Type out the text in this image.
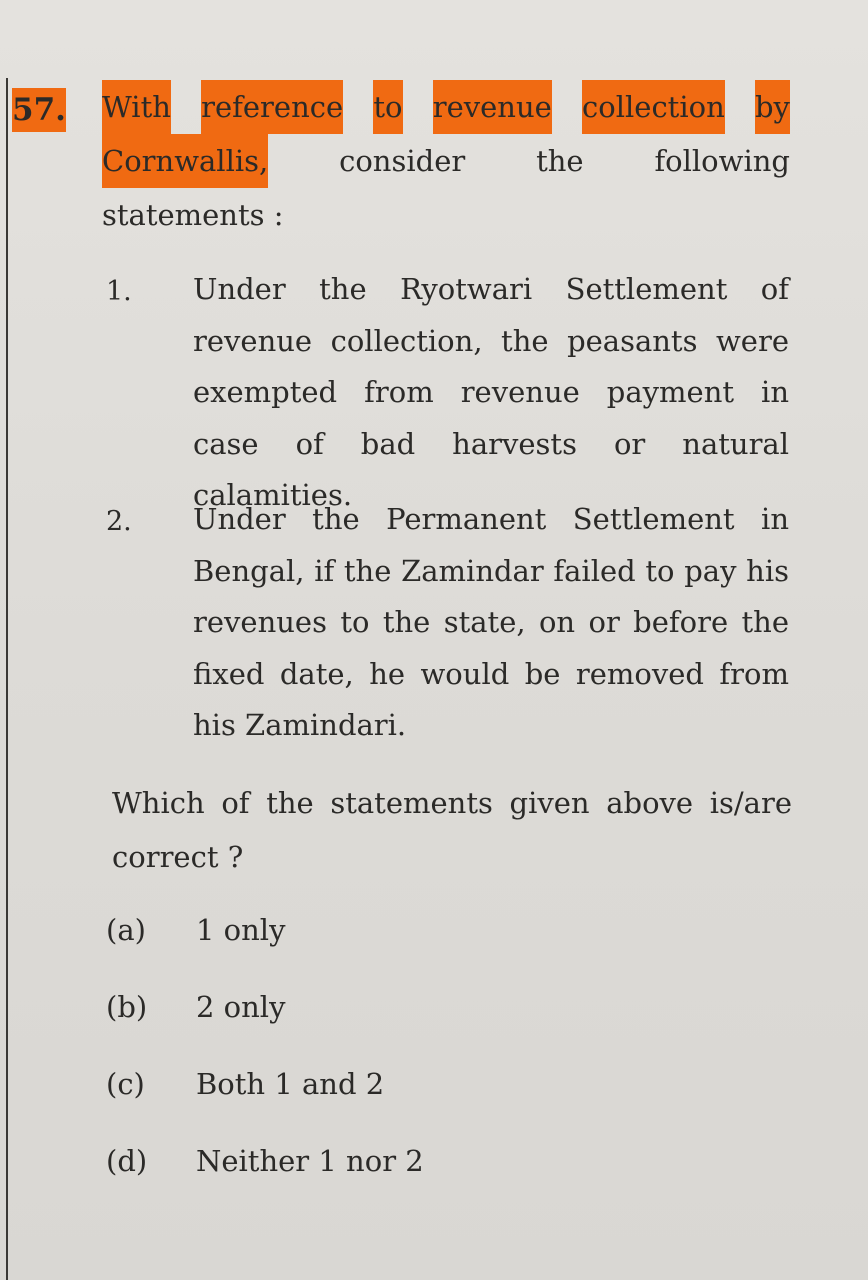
57. With reference to revenue collection by
Cornwallis, consider the following
statements :
1. Under the Ryotwari Settlement of revenue collection, the peasants were exempted from revenue payment in case of bad harvests or natural calamities.
2. Under the Permanent Settlement in Bengal, if the Zamindar failed to pay his revenues to the state, on or before the fixed date, he would be removed from his Zamindari.
Which of the statements given above is/are correct ?
(a) 1 only
(b) 2 only
(c) Both 1 and 2
(d) Neither 1 nor 2
